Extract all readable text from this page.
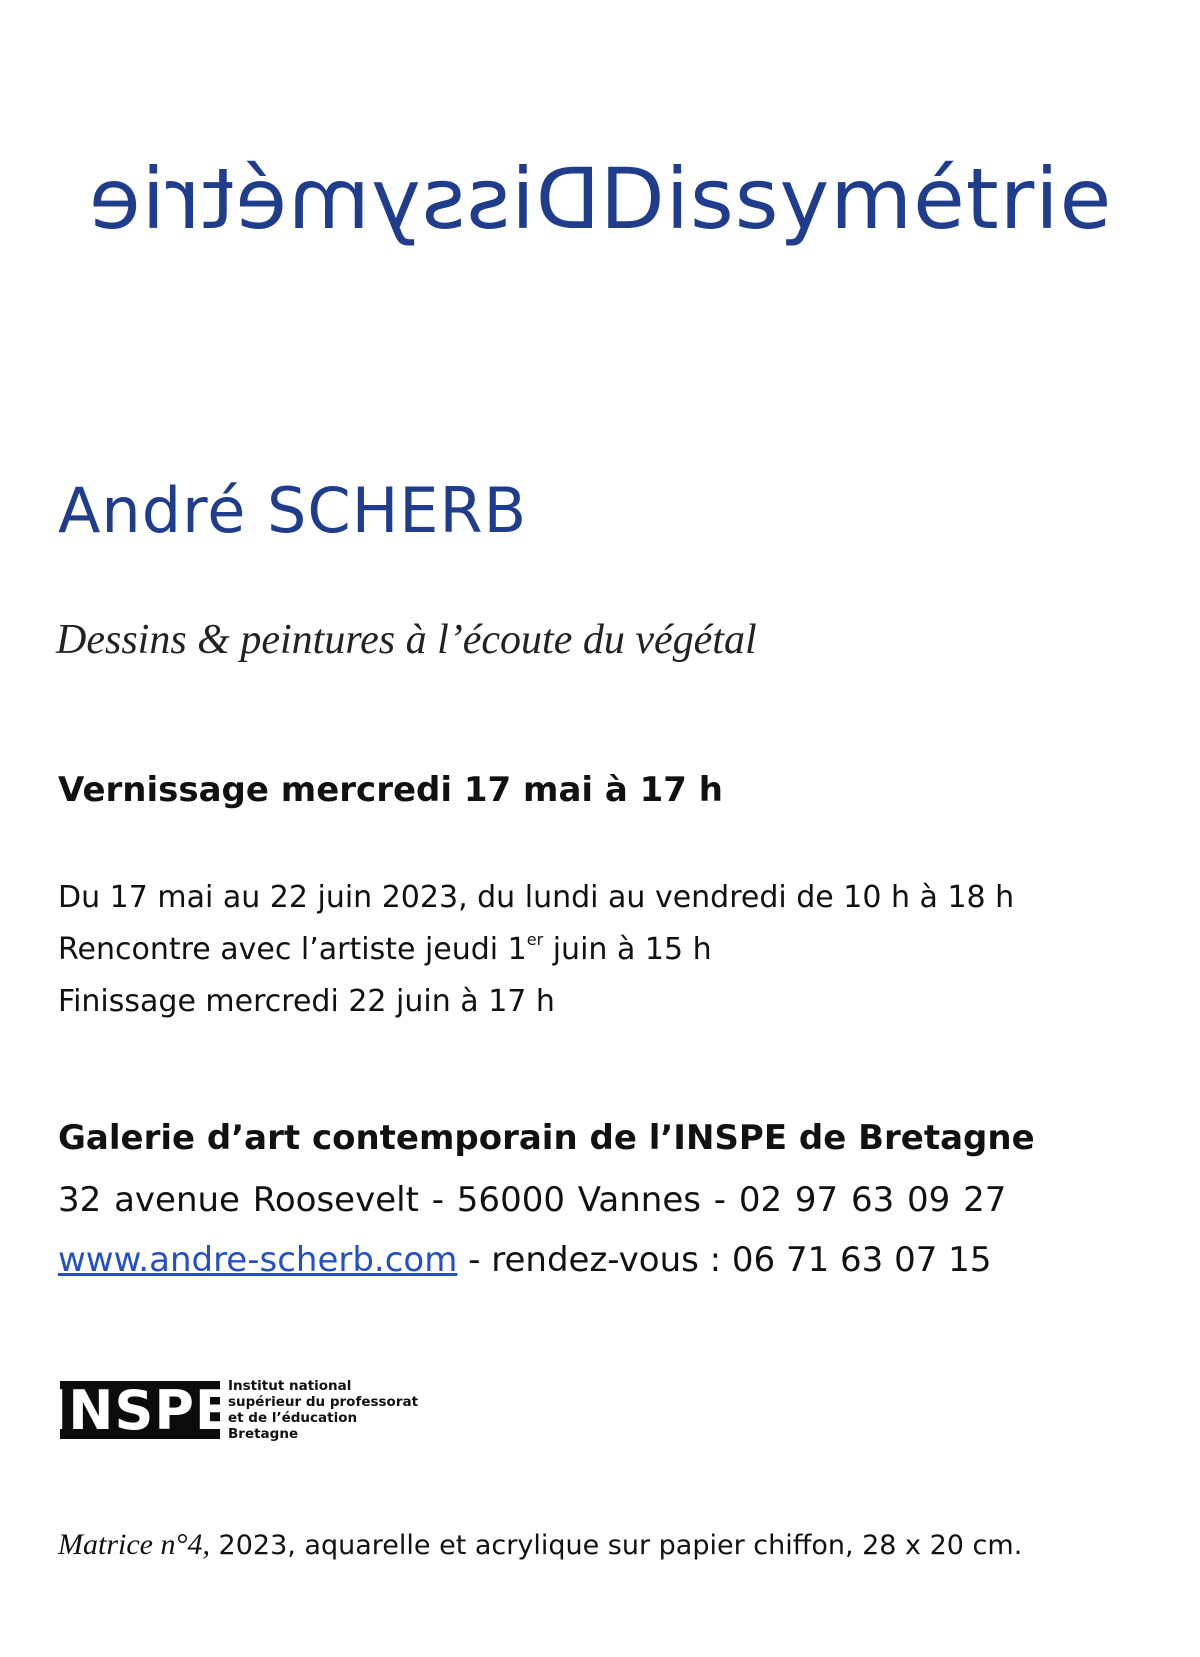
Dissymétrie Dissymétrie
André SCHERB
Dessins & peintures à l’écoute du végétal
Vernissage mercredi 17 mai à 17 h
Du 17 mai au 22 juin 2023, du lundi au vendredi de 10 h à 18 h
Rencontre avec l’artiste jeudi 1er juin à 15 h
Finissage mercredi 22 juin à 17 h
Galerie d’art contemporain de l’INSPE de Bretagne
32 avenue Roosevelt - 56000 Vannes - 02 97 63 09 27
www.andre-scherb.com - rendez-vous : 06 71 63 07 15
INSPE
Institut national
supérieur du professorat
et de l’éducation
Bretagne
Matrice n°4, 2023, aquarelle et acrylique sur papier chiffon, 28 x 20 cm.
